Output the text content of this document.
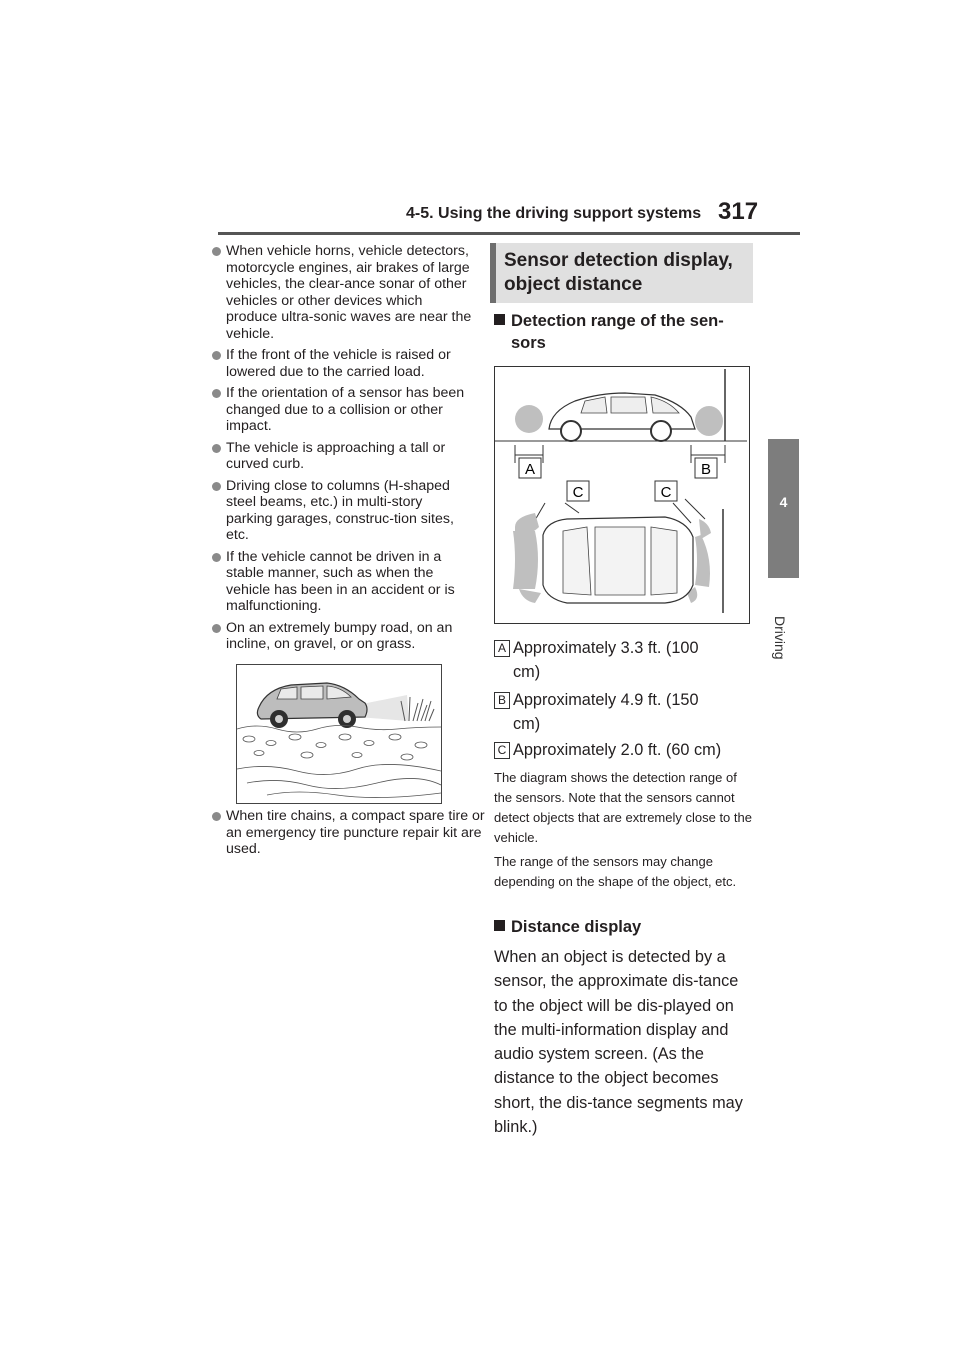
4-5. Using the driving support systems 317
4
Driving
When vehicle horns, vehicle detectors, motorcycle engines, air brakes of large vehicles, the clear-ance sonar of other vehicles or other devices which produce ultra-sonic waves are near the vehicle.
If the front of the vehicle is raised or lowered due to the carried load.
If the orientation of a sensor has been changed due to a collision or other impact.
The vehicle is approaching a tall or curved curb.
Driving close to columns (H-shaped steel beams, etc.) in multi-story parking garages, construc-tion sites, etc.
If the vehicle cannot be driven in a stable manner, such as when the vehicle has been in an accident or is malfunctioning.
On an extremely bumpy road, on an incline, on gravel, or on grass.
When tire chains, a compact spare tire or an emergency tire puncture repair kit are used.
Sensor detection display,
object distance
Detection range of the sen-
sors
A	B
C	C
A Approximately 3.3 ft. (100
cm)
B Approximately 4.9 ft. (150
cm)
C Approximately 2.0 ft. (60 cm)
The diagram shows the detection range of the sensors. Note that the sensors cannot detect objects that are extremely close to the vehicle.
The range of the sensors may change depending on the shape of the object, etc.
Distance display
When an object is detected by a sensor, the approximate dis-tance to the object will be dis-played on the multi-information display and audio system screen. (As the distance to the object becomes short, the dis-tance segments may blink.)
